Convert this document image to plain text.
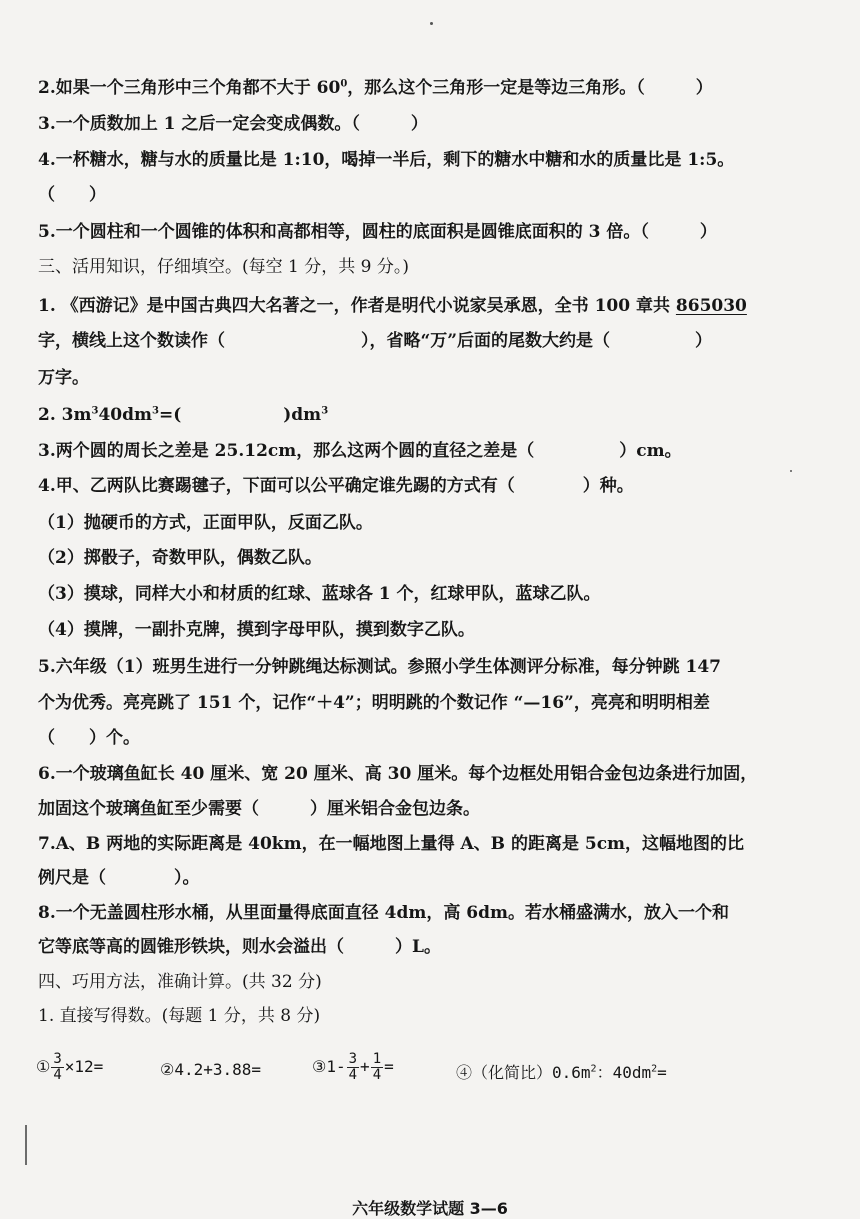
2.如果一个三角形中三个角都不大于 $60^0$，那么这个三角形一定是等边三角形。（　　　）
3.一个质数加上 1 之后一定会变成偶数。（　　　）
4.一杯糖水，糖与水的质量比是 1:10，喝掉一半后，剩下的糖水中糖和水的质量比是 1:5。
（　　）
5.一个圆柱和一个圆锥的体积和高都相等，圆柱的底面积是圆锥底面积的 3 倍。（　　　）
三、活用知识，仔细填空。(每空 1 分，共 9 分。)
1. 《西游记》是中国古典四大名著之一，作者是明代小说家吴承恩，全书 100 章共 865030
字，横线上这个数读作（　　　　　　　　），省略“万”后面的尾数大约是（　　　　　）
万字。
2. $3m^340dm^3=$(　　　　　　)$dm^3$
3.两个圆的周长之差是 25.12cm，那么这两个圆的直径之差是（　　　　　）cm。
4.甲、乙两队比赛踢毽子，下面可以公平确定谁先踢的方式有（　　　　）种。
（1）抛硬币的方式，正面甲队，反面乙队。
（2）掷骰子，奇数甲队，偶数乙队。
（3）摸球，同样大小和材质的红球、蓝球各 1 个，红球甲队，蓝球乙队。
（4）摸牌，一副扑克牌，摸到字母甲队，摸到数字乙队。
5.六年级（1）班男生进行一分钟跳绳达标测试。参照小学生体测评分标准，每分钟跳 147
个为优秀。亮亮跳了 151 个，记作“＋4”；明明跳的个数记作 “—16”，亮亮和明明相差
（　　）个。
6.一个玻璃鱼缸长 40 厘米、宽 20 厘米、高 30 厘米。每个边框处用铝合金包边条进行加固，
加固这个玻璃鱼缸至少需要（　　　）厘米铝合金包边条。
7.A、B 两地的实际距离是 40km，在一幅地图上量得 A、B 的距离是 5cm，这幅地图的比
例尺是（　　　　）。
8.一个无盖圆柱形水桶，从里面量得底面直径 4dm，高 6dm。若水桶盛满水，放入一个和
它等底等高的圆锥形铁块，则水会溢出（　　　）L。
四、巧用方法，准确计算。(共 32 分)
1. 直接写得数。(每题 1 分，共 8 分)
① $\frac{3}{4} \times 12=$	②4.2+3.88=	③1- $\frac{3}{4} + \frac{1}{4}$ =	④（化简比）$0.6m^2$：$40dm^2=$
六年级数学试题 3—6
